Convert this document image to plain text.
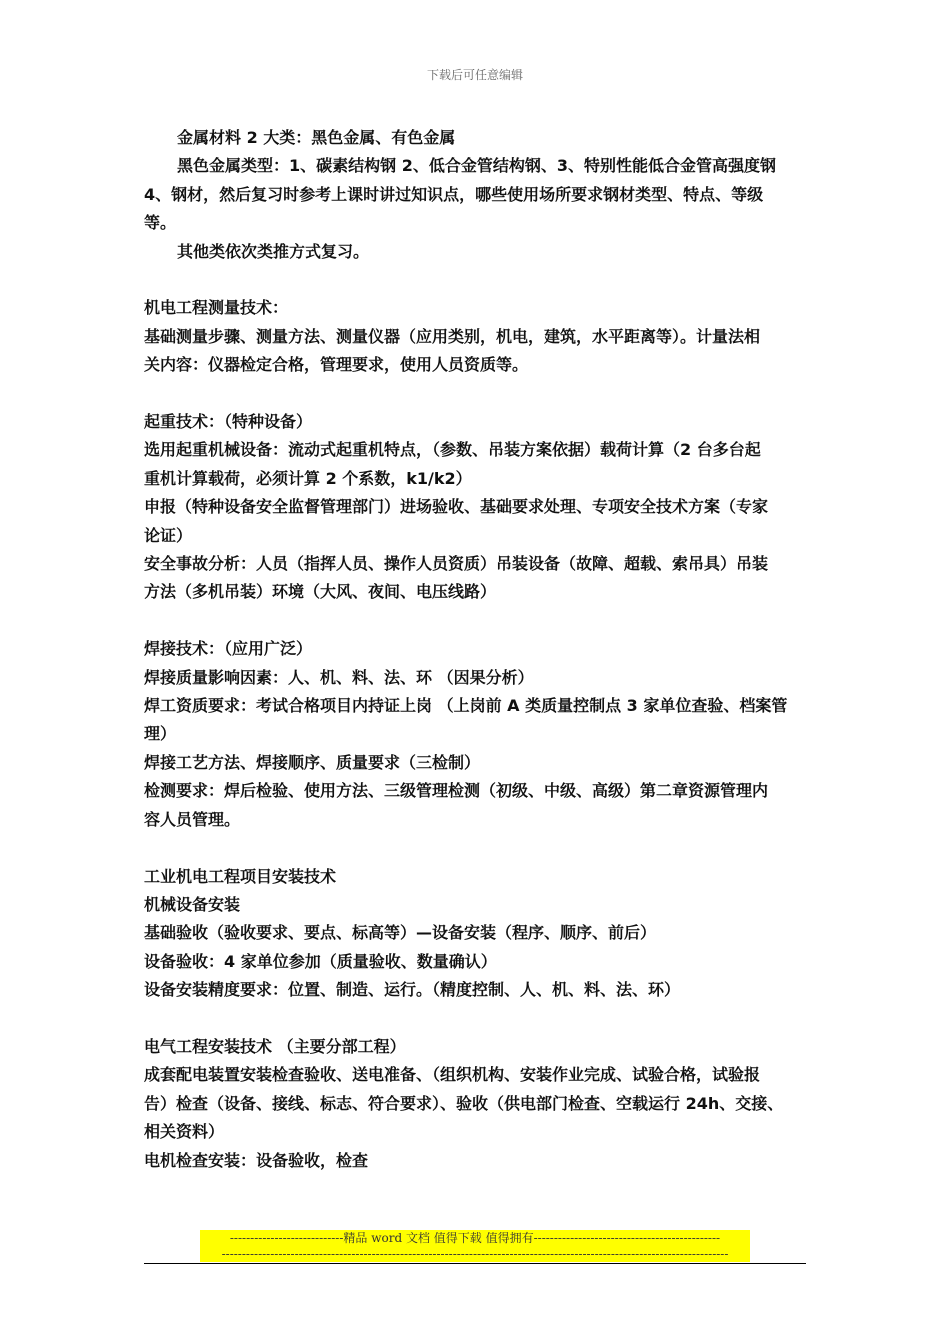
下载后可任意编辑
金属材料 2 大类：黑色金属、有色金属
黑色金属类型：1、碳素结构钢 2、低合金管结构钢、3、特别性能低合金管高强度钢
4、钢材，然后复习时参考上课时讲过知识点，哪些使用场所要求钢材类型、特点、等级
等。
其他类依次类推方式复习。
机电工程测量技术：
基础测量步骤、测量方法、测量仪器（应用类别，机电，建筑，水平距离等）。计量法相
关内容：仪器检定合格，管理要求，使用人员资质等。
起重技术：（特种设备）
选用起重机械设备：流动式起重机特点，（参数、吊装方案依据）载荷计算（2 台多台起
重机计算载荷，必须计算 2 个系数，k1/k2）
申报（特种设备安全监督管理部门）进场验收、基础要求处理、专项安全技术方案（专家
论证）
安全事故分析：人员（指挥人员、操作人员资质）吊装设备（故障、超载、索吊具）吊装
方法（多机吊装）环境（大风、夜间、电压线路）
焊接技术：（应用广泛）
焊接质量影响因素：人、机、料、法、环 （因果分析）
焊工资质要求：考试合格项目内持证上岗 （上岗前 A 类质量控制点 3 家单位查验、档案管
理）
焊接工艺方法、焊接顺序、质量要求（三检制）
检测要求：焊后检验、使用方法、三级管理检测（初级、中级、高级）第二章资源管理内
容人员管理。
工业机电工程项目安装技术
机械设备安装
基础验收（验收要求、要点、标高等）—设备安装（程序、顺序、前后）
设备验收：4 家单位参加（质量验收、数量确认）
设备安装精度要求：位置、制造、运行。（精度控制、人、机、料、法、环）
电气工程安装技术 （主要分部工程）
成套配电装置安装检查验收、送电准备、（组织机构、安装作业完成、试验合格，试验报
告）检查（设备、接线、标志、符合要求）、验收（供电部门检查、空载运行 24h、交接、
相关资料）
电机检查安装：设备验收，检查
----------------------------精品 word 文档 值得下载 值得拥有----------------------------------------------
-----------------------------------------------------------------------------------------------------------------------------
